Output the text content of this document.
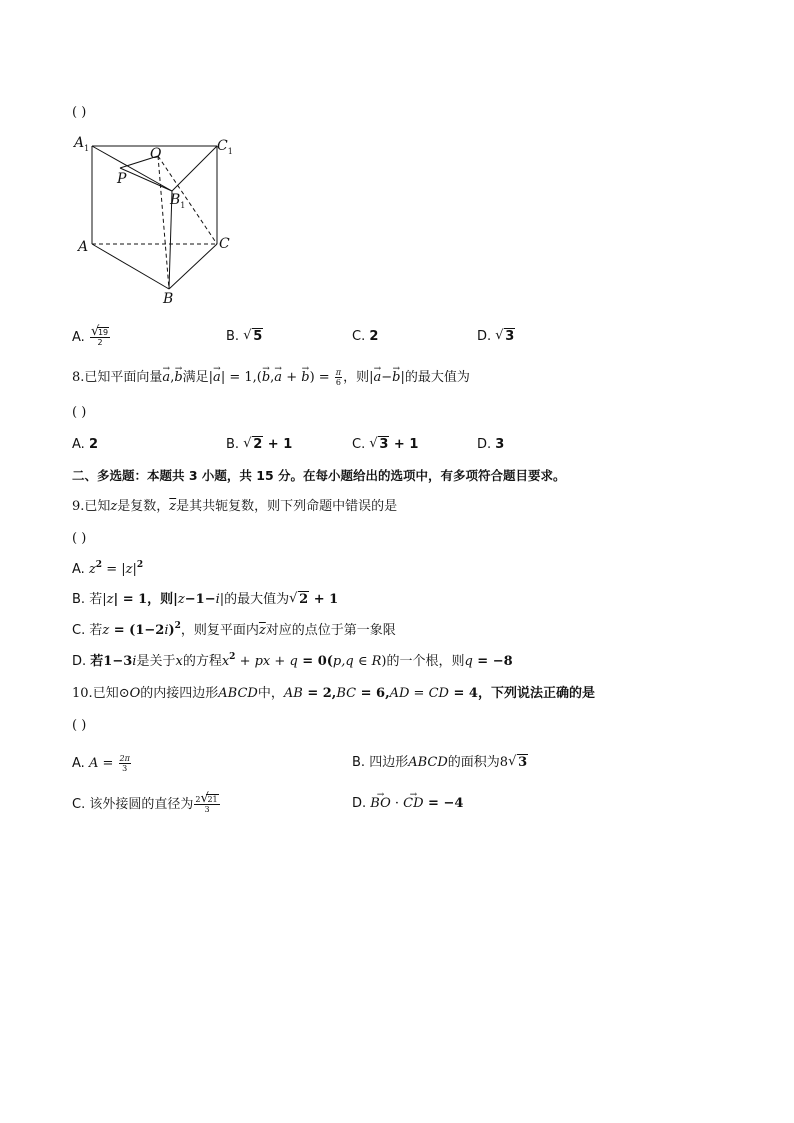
( )
$A_1$	$C_1$
O
P
$B_1$
A	C
B
A. √ $\frac{19}{2}$	B. √ 5	C. 2	D. √ 3
8.已知平面向量a →,b →满足|a →| = 1,(b →,a → + b →) = $\frac{\pi}{6}$ ，则|a →−b →|的最大值为
( )
A. 2	B. √ 2 + 1	C. √ 3 + 1	D. 3
二、多选题：本题共 3 小题，共 15 分。在每小题给出的选项中，有多项符合题目要求。
9.已知z是复数，$\overline{z}$是其共轭复数，则下列命题中错误的是
( )
A. $z^2 = |z|^2$
B. 若|z| = 1，则|z−1−i|的最大值为 √ 2 + 1
C. 若$z = (1-2i)^2$，则复平面内$\overline{z}$对应的点位于第一象限
D. 若1−3i是关于x的方程$x^2$ + px + q = 0(p,q ∈ R)的一个根，则q = −8
10.已知⊙O的内接四边形ABCD中，AB = 2,BC = 6,AD = CD = 4，下列说法正确的是
( )
A. $A = \frac{2\pi}{3}$	B. 四边形ABCD的面积为8 √ 3
C. 该外接圆的直径为 $\frac{2 √ 21}{3}$	D. BO → · CD → = −4
